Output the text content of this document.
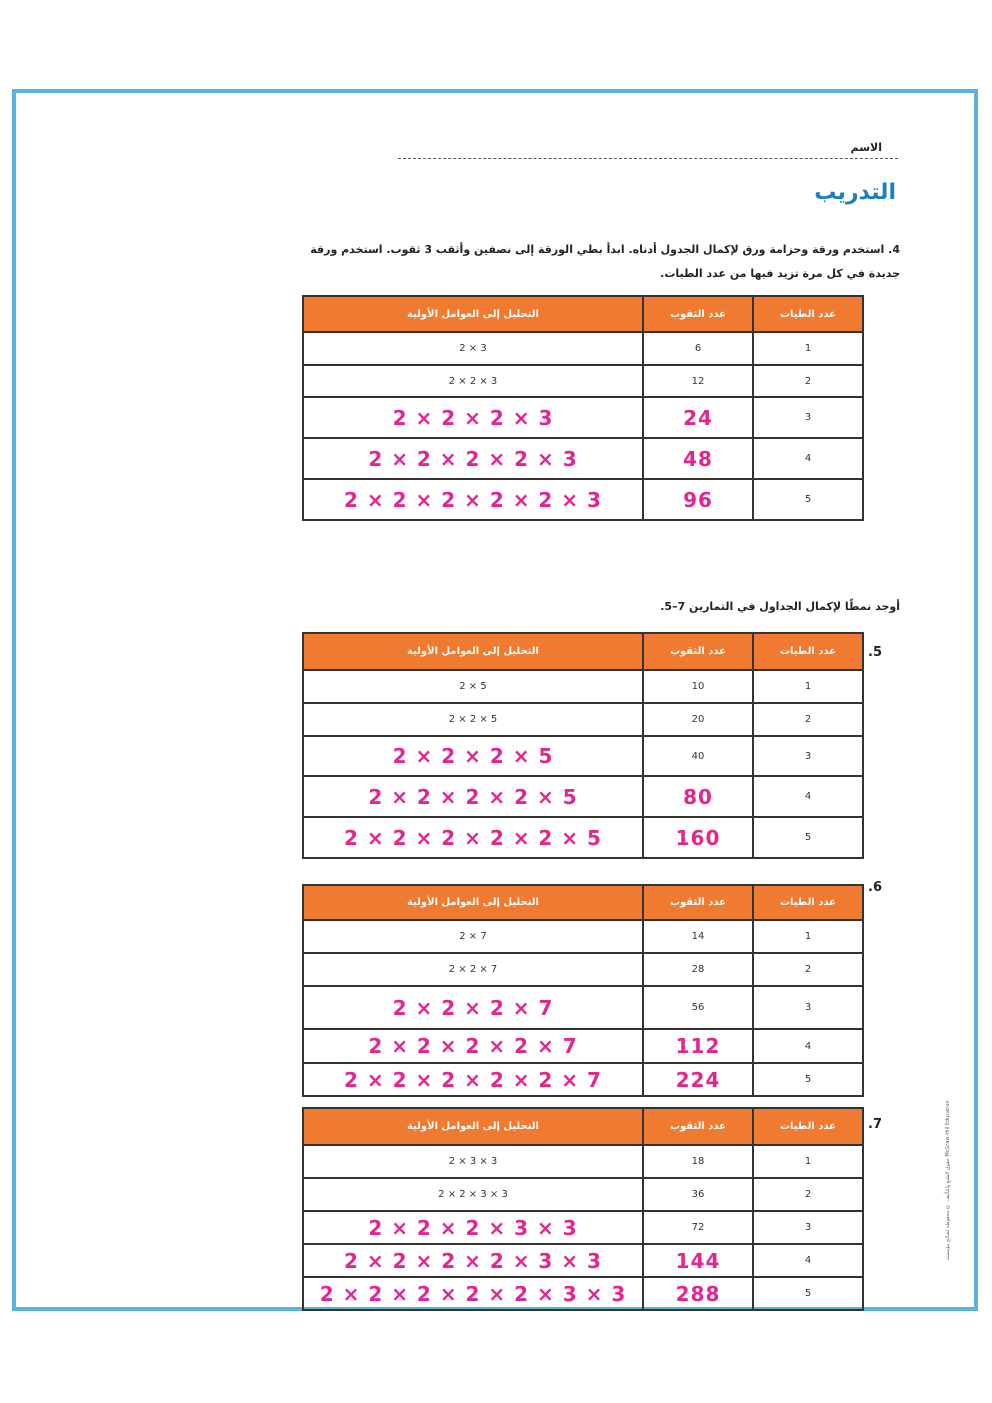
الاسم
التدريب
4. استخدم ورقة وحزامة ورق لإكمال الجدول أدناه. ابدأ بطي الورقة إلى نصفين وأثقب 3 ثقوب. استخدم ورقة جديدة في كل مرة تزيد فيها من عدد الطيات.
أوجد نمطًا لإكمال الجداول في التمارين 7–5.
.5
.6
.7
عدد الطيات	عدد الثقوب	التحليل إلى العوامل الأولية
1	6	2 × 3
2	12	2 × 2 × 3
3	24	2 × 2 × 2 × 3
4	48	2 × 2 × 2 × 2 × 3
5	96	2 × 2 × 2 × 2 × 2 × 3
عدد الطيات	عدد الثقوب	التحليل إلى العوامل الأولية
1	10	2 × 5
2	20	2 × 2 × 5
3	40	2 × 2 × 2 × 5
4	80	2 × 2 × 2 × 2 × 5
5	160	2 × 2 × 2 × 2 × 2 × 5
عدد الطيات	عدد الثقوب	التحليل إلى العوامل الأولية
1	14	2 × 7
2	28	2 × 2 × 7
3	56	2 × 2 × 2 × 7
4	112	2 × 2 × 2 × 2 × 7
5	224	2 × 2 × 2 × 2 × 2 × 7
عدد الطيات	عدد الثقوب	التحليل إلى العوامل الأولية
1	18	2 × 3 × 3
2	36	2 × 2 × 3 × 3
3	72	2 × 2 × 2 × 3 × 3
4	144	2 × 2 × 2 × 2 × 3 × 3
5	288	2 × 2 × 2 × 2 × 2 × 3 × 3
حقوق الطبع والتأليف © محفوظة لصالح مؤسسة McGraw-Hill Education
